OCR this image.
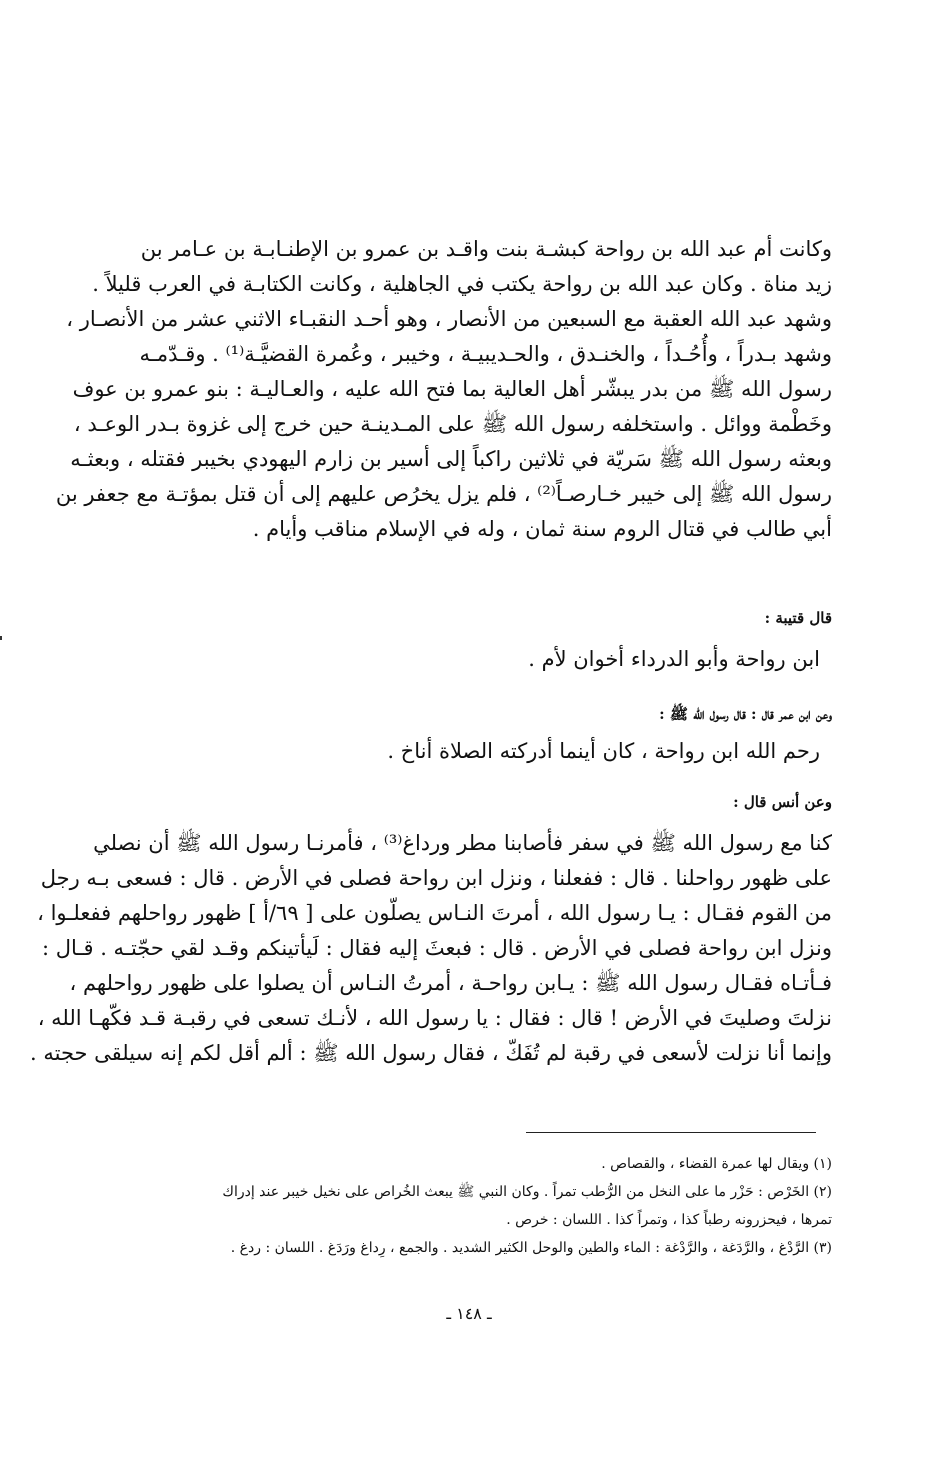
وكانت أم عبد الله بن رواحة كبشـة بنت واقـد بن عمرو بن الإطنـابـة بن عـامر بن
زيد مناة . وكان عبد الله بن رواحة يكتب في الجاهلية ، وكانت الكتابـة في العرب قليلاً .
وشهد عبد الله العقبة مع السبعين من الأنصار ، وهو أحـد النقبـاء الاثني عشر من الأنصـار ،
وشهد بـدراً ، وأُحُـداً ، والخنـدق ، والحـديبيـة ، وخيبر ، وعُمرة القضيَّـة⁽¹⁾ . وقـدّمـه
رسول الله ﷺ من بدر يبشّر أهل العالية بما فتح الله عليه ، والعـاليـة : بنو عمرو بن عوف
وخَطْمة ووائل . واستخلفه رسول الله ﷺ على المـدينـة حين خرج إلى غزوة بـدر الوعـد ،
وبعثه رسول الله ﷺ سَريّة في ثلاثين راكباً إلى أسير بن زارم اليهودي بخيبر فقتله ، وبعثـه
رسول الله ﷺ إلى خيبر خـارصـاً⁽²⁾ ، فلم يزل يخرُص عليهم إلى أن قتل بمؤتـة مع جعفر بن
أبي طالب في قتال الروم سنة ثمان ، وله في الإسلام مناقب وأيام .
قال قتيبة :
ابن رواحة وأبو الدرداء أخوان لأم .
وعن ابن عمر قال : قال رسول الله ﷺ :
رحم الله ابن رواحة ، كان أينما أدركته الصلاة أناخ .
وعن أنس قال :
كنا مع رسول الله ﷺ في سفر فأصابنا مطر ورداغ⁽³⁾ ، فأمرنـا رسول الله ﷺ أن نصلي
على ظهور رواحلنا . قال : ففعلنا ، ونزل ابن رواحة فصلى في الأرض . قال : فسعى بـه رجل
من القوم فقـال : يـا رسول الله ، أمرتَ النـاس يصلّون على [ ٦٩/أ ] ظهور رواحلهم ففعلـوا ،
ونزل ابن رواحة فصلى في الأرض . قال : فبعثَ إليه فقال : لَيأتينكم وقـد لقي حجّتـه . قـال :
فـأتـاه فقـال رسول الله ﷺ : يـابن رواحـة ، أمرتُ النـاس أن يصلوا على ظهور رواحلهم ،
نزلتَ وصليتَ في الأرض ! قال : فقال : يا رسول الله ، لأنـك تسعى في رقبـة قـد فكّهـا الله ،
وإنما أنا نزلت لأسعى في رقبة لم تُفَكّ ، فقال رسول الله ﷺ : ألم أقل لكم إنه سيلقى حجته .
(١) ويقال لها عمرة القضاء ، والقصاص .
(٢) الخَرْص : حَزْر ما على النخل من الرُّطب تمراً . وكان النبي ﷺ يبعث الخُراص على نخيل خيبر عند إدراك
تمرها ، فيحزرونه رطباً كذا ، وتمراً كذا . اللسان : خرص .
(٣) الرَّدْغ ، والرَّدَغة ، والرَّدْغة : الماء والطين والوحل الكثير الشديد . والجمع ، رِداغ ورَدَغ . اللسان : ردغ .
ـ ١٤٨ ـ
